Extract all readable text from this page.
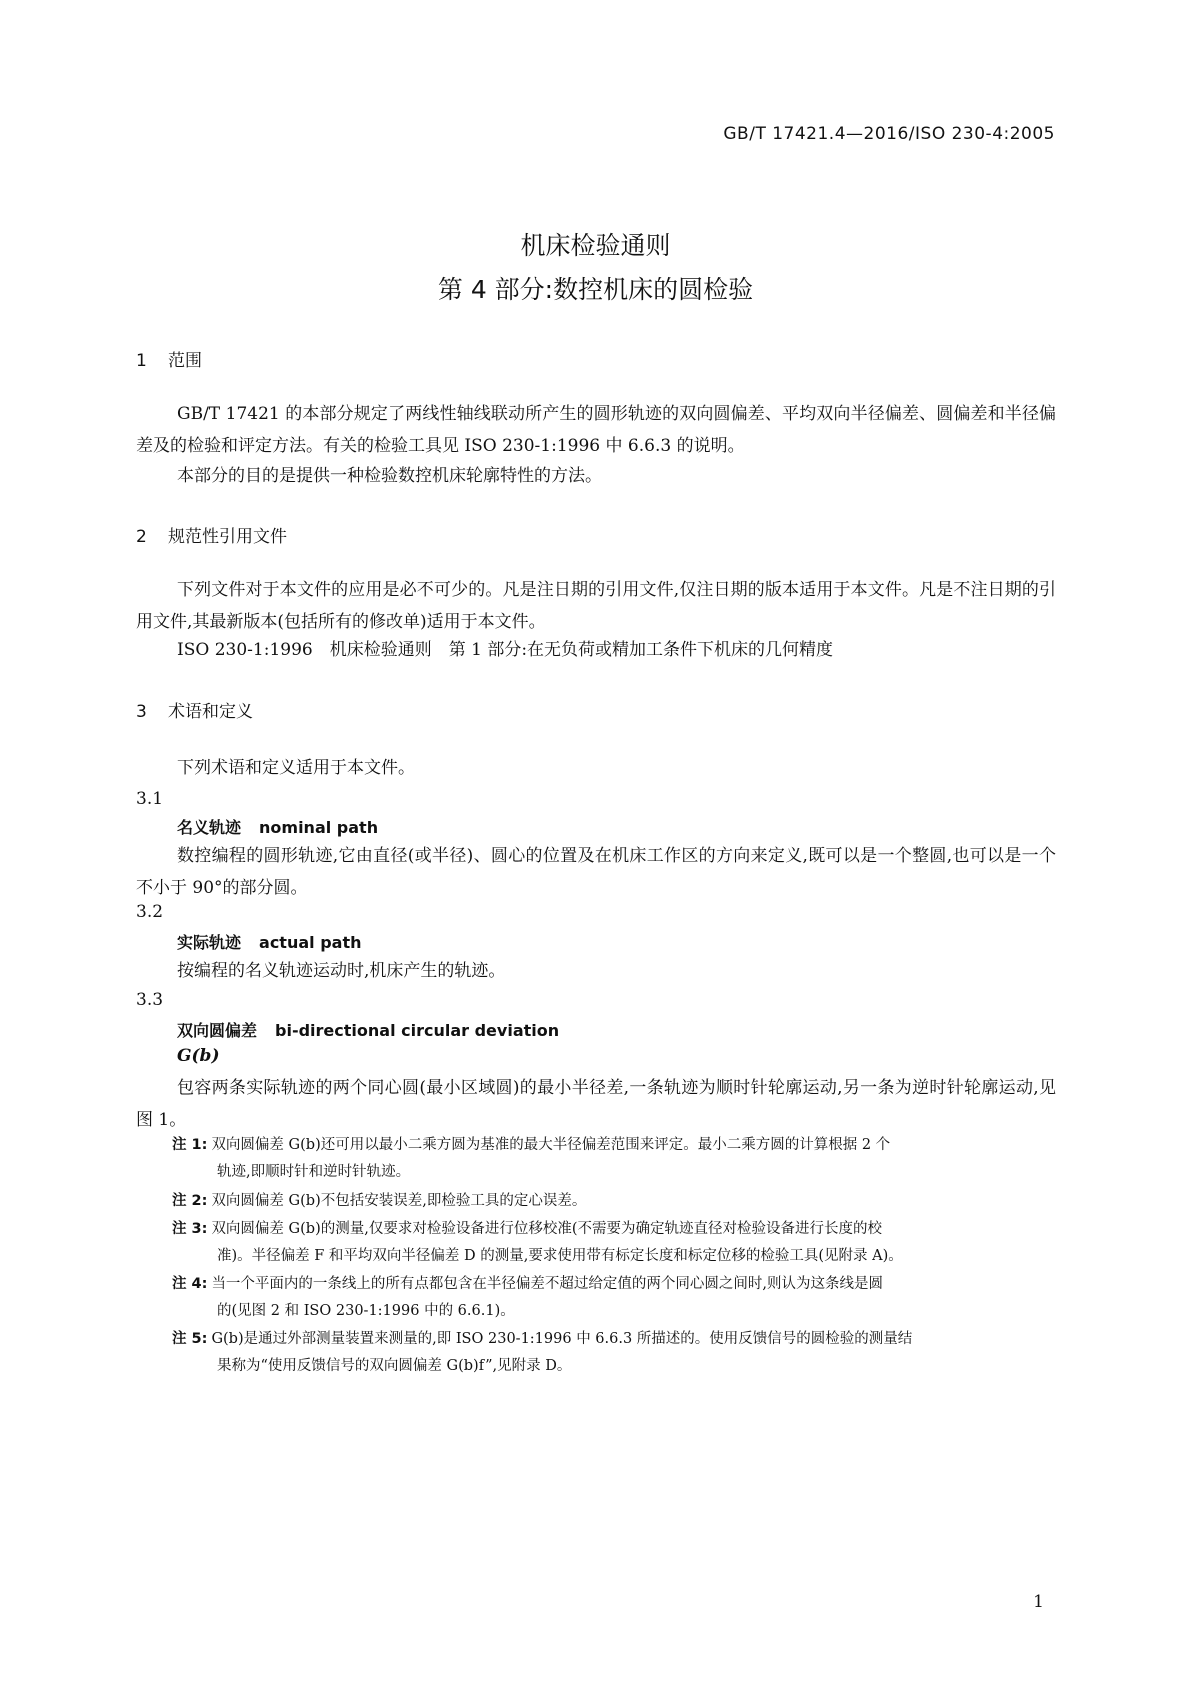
GB/T 17421.4—2016/ISO 230-4:2005
机床检验通则
第 4 部分:数控机床的圆检验
1 范围
GB/T 17421 的本部分规定了两线性轴线联动所产生的圆形轨迹的双向圆偏差、平均双向半径偏差、圆偏差和半径偏差及的检验和评定方法。有关的检验工具见 ISO 230-1:1996 中 6.6.3 的说明。
本部分的目的是提供一种检验数控机床轮廓特性的方法。
2 规范性引用文件
下列文件对于本文件的应用是必不可少的。凡是注日期的引用文件,仅注日期的版本适用于本文件。凡是不注日期的引用文件,其最新版本(包括所有的修改单)适用于本文件。
ISO 230-1:1996　机床检验通则　第 1 部分:在无负荷或精加工条件下机床的几何精度
3 术语和定义
下列术语和定义适用于本文件。
3.1
名义轨迹 nominal path
数控编程的圆形轨迹,它由直径(或半径)、圆心的位置及在机床工作区的方向来定义,既可以是一个整圆,也可以是一个不小于 90°的部分圆。
3.2
实际轨迹 actual path
按编程的名义轨迹运动时,机床产生的轨迹。
3.3
双向圆偏差 bi-directional circular deviation
G(b)
包容两条实际轨迹的两个同心圆(最小区域圆)的最小半径差,一条轨迹为顺时针轮廓运动,另一条为逆时针轮廓运动,见图 1。
注 1: 双向圆偏差 G(b)还可用以最小二乘方圆为基准的最大半径偏差范围来评定。最小二乘方圆的计算根据 2 个
轨迹,即顺时针和逆时针轨迹。
注 2: 双向圆偏差 G(b)不包括安装误差,即检验工具的定心误差。
注 3: 双向圆偏差 G(b)的测量,仅要求对检验设备进行位移校准(不需要为确定轨迹直径对检验设备进行长度的校
准)。半径偏差 F 和平均双向半径偏差 D 的测量,要求使用带有标定长度和标定位移的检验工具(见附录 A)。
注 4: 当一个平面内的一条线上的所有点都包含在半径偏差不超过给定值的两个同心圆之间时,则认为这条线是圆
的(见图 2 和 ISO 230-1:1996 中的 6.6.1)。
注 5: G(b)是通过外部测量装置来测量的,即 ISO 230-1:1996 中 6.6.3 所描述的。使用反馈信号的圆检验的测量结
果称为“使用反馈信号的双向圆偏差 G(b)f”,见附录 D。
1
